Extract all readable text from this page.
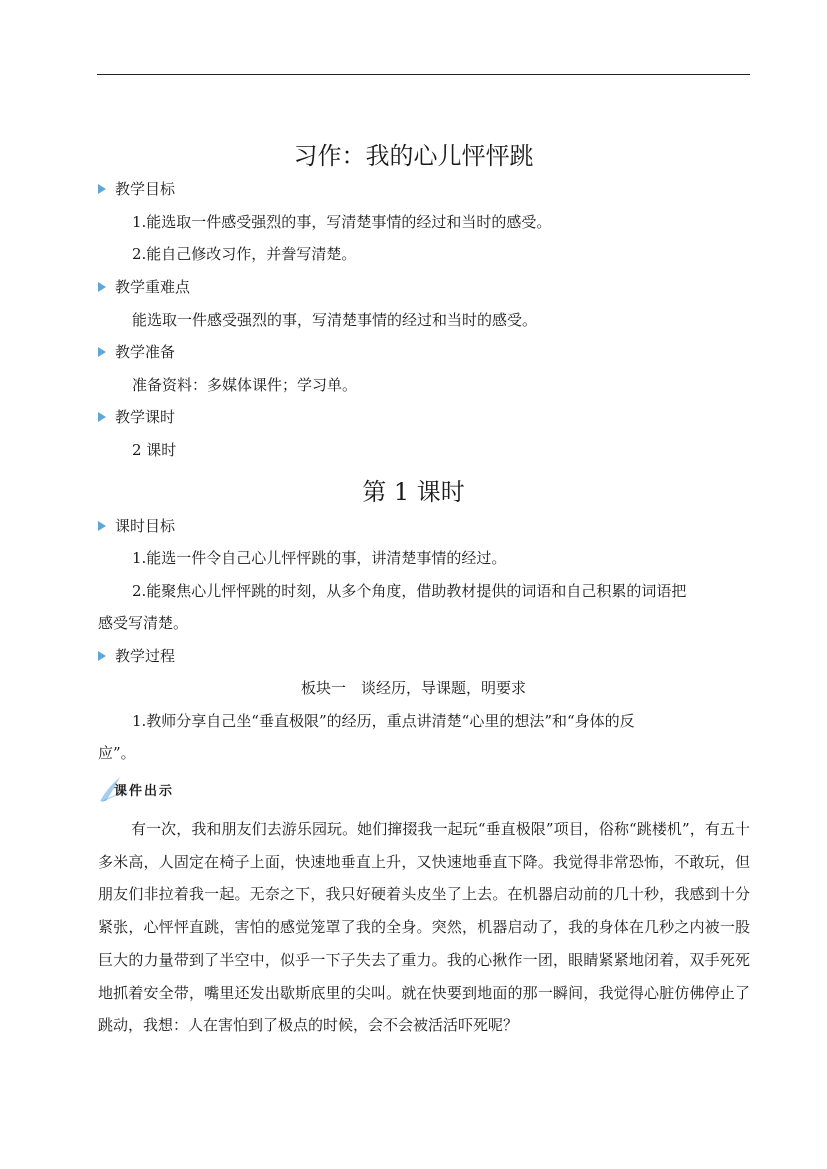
习作：我的心儿怦怦跳
教学目标
1.能选取一件感受强烈的事，写清楚事情的经过和当时的感受。
2.能自己修改习作，并誊写清楚。
教学重难点
能选取一件感受强烈的事，写清楚事情的经过和当时的感受。
教学准备
准备资料：多媒体课件；学习单。
教学课时
2 课时
第 1 课时
课时目标
1.能选一件令自己心儿怦怦跳的事，讲清楚事情的经过。
2.能聚焦心儿怦怦跳的时刻，从多个角度，借助教材提供的词语和自己积累的词语把
感受写清楚。
教学过程
板块一　谈经历，导课题，明要求
1.教师分享自己坐“垂直极限”的经历，重点讲清楚“心里的想法”和“身体的反
应”。
课件出示
有一次，我和朋友们去游乐园玩。她们撺掇我一起玩“垂直极限”项目，俗称“跳楼机”，有五十多米高，人固定在椅子上面，快速地垂直上升，又快速地垂直下降。我觉得非常恐怖，不敢玩，但朋友们非拉着我一起。无奈之下，我只好硬着头皮坐了上去。在机器启动前的几十秒，我感到十分紧张，心怦怦直跳，害怕的感觉笼罩了我的全身。突然，机器启动了，我的身体在几秒之内被一股巨大的力量带到了半空中，似乎一下子失去了重力。我的心揪作一团，眼睛紧紧地闭着，双手死死地抓着安全带，嘴里还发出歇斯底里的尖叫。就在快要到地面的那一瞬间，我觉得心脏仿佛停止了跳动，我想：人在害怕到了极点的时候，会不会被活活吓死呢？
